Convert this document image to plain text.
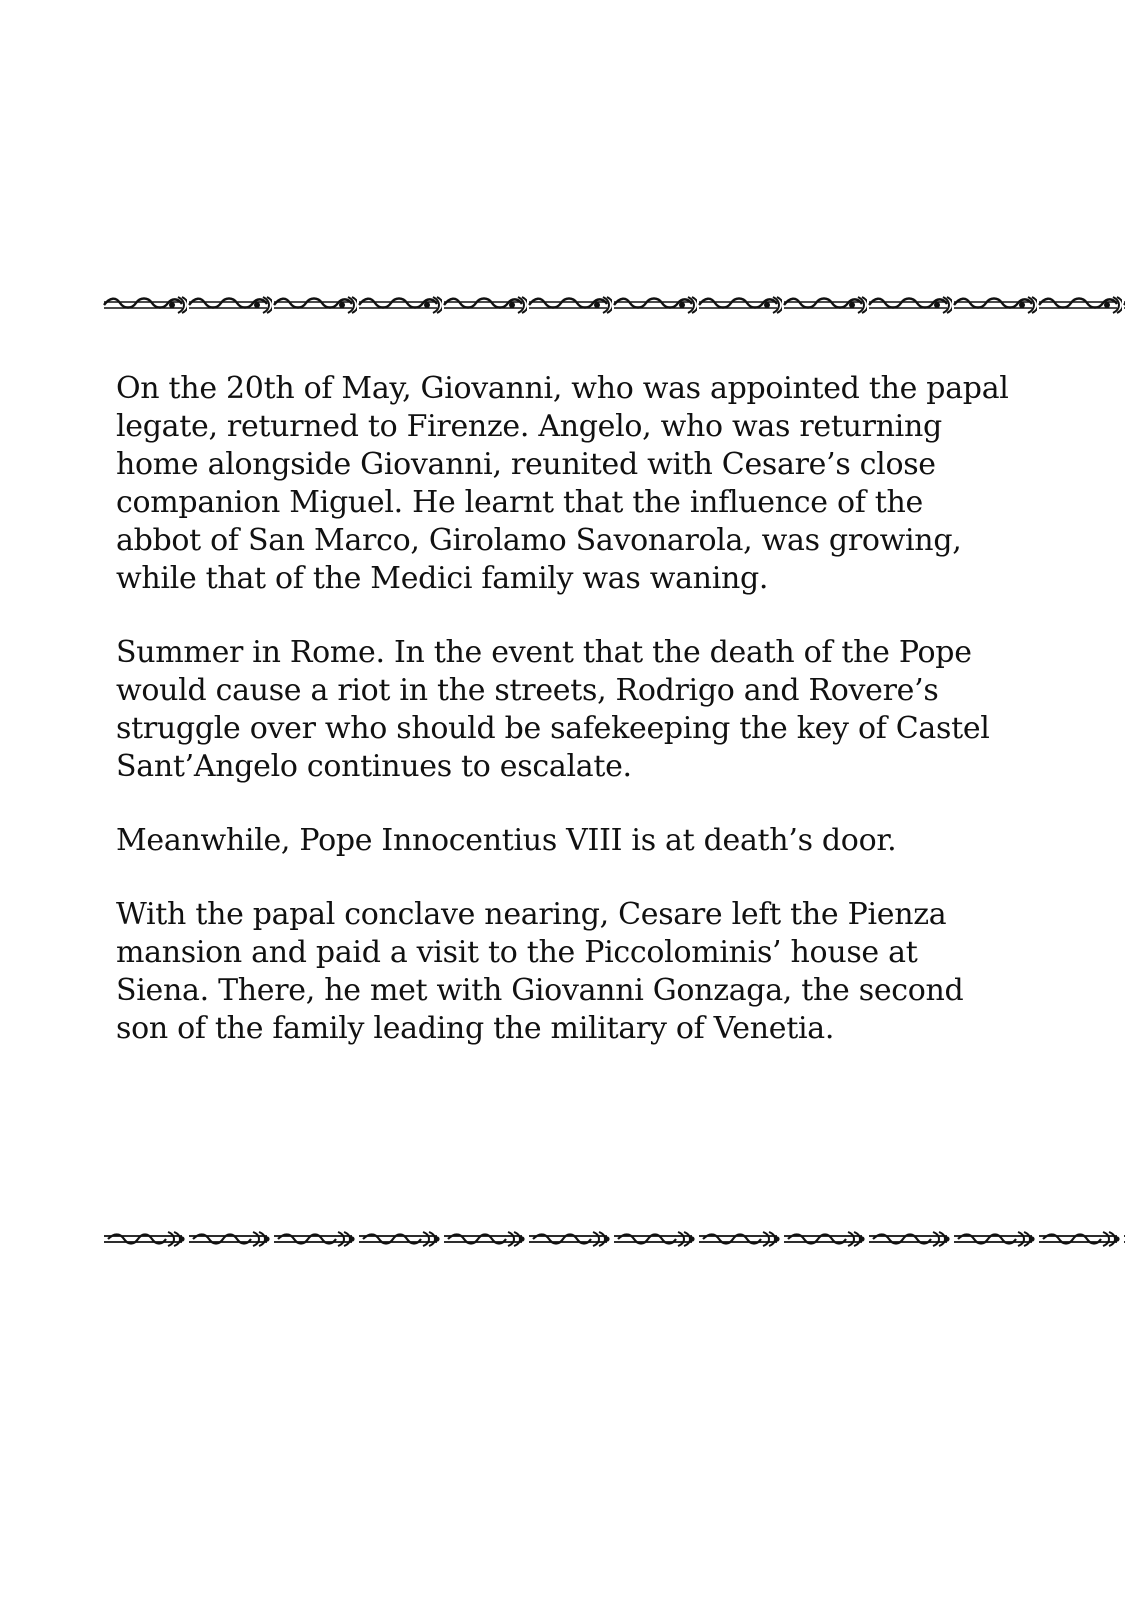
On the 20th of May, Giovanni, who was appointed the papal legate, returned to Firenze. Angelo, who was returning home alongside Giovanni, reunited with Cesare’s close companion Miguel. He learnt that the influence of the abbot of San Marco, Girolamo Savonarola, was growing, while that of the Medici family was waning.

Summer in Rome. In the event that the death of the Pope would cause a riot in the streets, Rodrigo and Rovere’s struggle over who should be safekeeping the key of Castel Sant’Angelo continues to escalate.

Meanwhile, Pope Innocentius VIII is at death’s door.

With the papal conclave nearing, Cesare left the Pienza mansion and paid a visit to the Piccolominis’ house at Siena. There, he met with Giovanni Gonzaga, the second son of the family leading the military of Venetia.
